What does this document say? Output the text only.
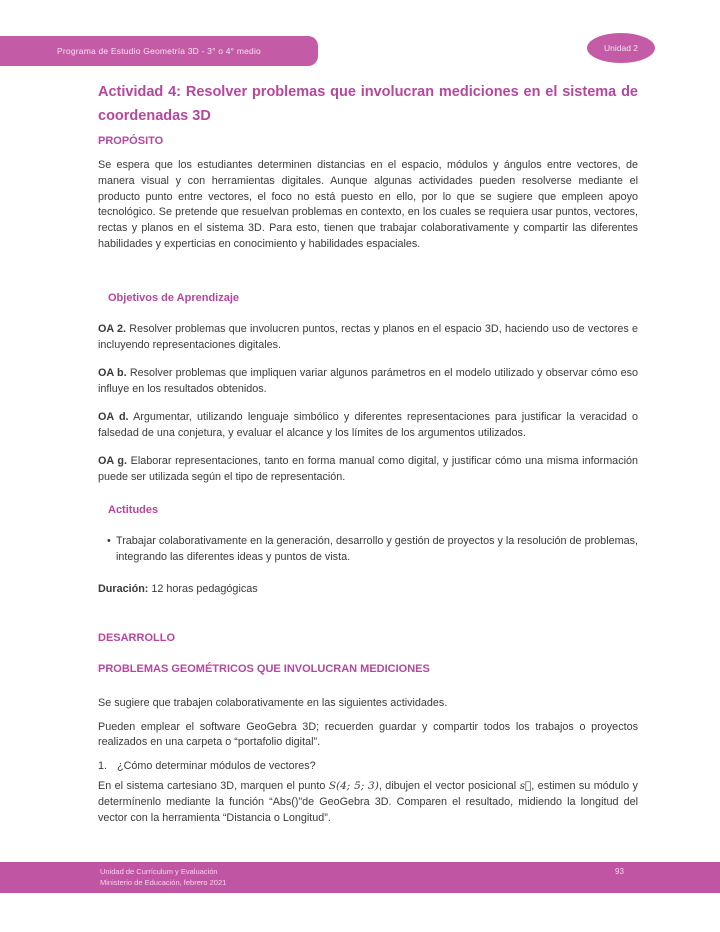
Programa de Estudio Geometría 3D - 3° o 4° medio	Unidad 2
Actividad 4: Resolver problemas que involucran mediciones en el sistema de coordenadas 3D
PROPÓSITO

Se espera que los estudiantes determinen distancias en el espacio, módulos y ángulos entre vectores, de manera visual y con herramientas digitales. Aunque algunas actividades pueden resolverse mediante el producto punto entre vectores, el foco no está puesto en ello, por lo que se sugiere que empleen apoyo tecnológico. Se pretende que resuelvan problemas en contexto, en los cuales se requiera usar puntos, vectores, rectas y planos en el sistema 3D. Para esto, tienen que trabajar colaborativamente y compartir las diferentes habilidades y experticias en conocimiento y habilidades espaciales.

Objetivos de Aprendizaje

OA 2. Resolver problemas que involucren puntos, rectas y planos en el espacio 3D, haciendo uso de vectores e incluyendo representaciones digitales.

OA b. Resolver problemas que impliquen variar algunos parámetros en el modelo utilizado y observar cómo eso influye en los resultados obtenidos.

OA d. Argumentar, utilizando lenguaje simbólico y diferentes representaciones para justificar la veracidad o falsedad de una conjetura, y evaluar el alcance y los límites de los argumentos utilizados.

OA g. Elaborar representaciones, tanto en forma manual como digital, y justificar cómo una misma información puede ser utilizada según el tipo de representación.

Actitudes
• Trabajar colaborativamente en la generación, desarrollo y gestión de proyectos y la resolución de problemas, integrando las diferentes ideas y puntos de vista.

Duración: 12 horas pedagógicas

DESARROLLO
PROBLEMAS GEOMÉTRICOS QUE INVOLUCRAN MEDICIONES

Se sugiere que trabajen colaborativamente en las siguientes actividades.

Pueden emplear el software GeoGebra 3D; recuerden guardar y compartir todos los trabajos o proyectos realizados en una carpeta o “portafolio digital”.

1. ¿Cómo determinar módulos de vectores?

En el sistema cartesiano 3D, marquen el punto S(4; 5; 3), dibujen el vector posicional s⃗, estimen su módulo y determínenlo mediante la función “Abs()”de GeoGebra 3D. Comparen el resultado, midiendo la longitud del vector con la herramienta “Distancia o Longitud”.

Unidad de Currículum y Evaluación
Ministerio de Educación, febrero 2021
93
